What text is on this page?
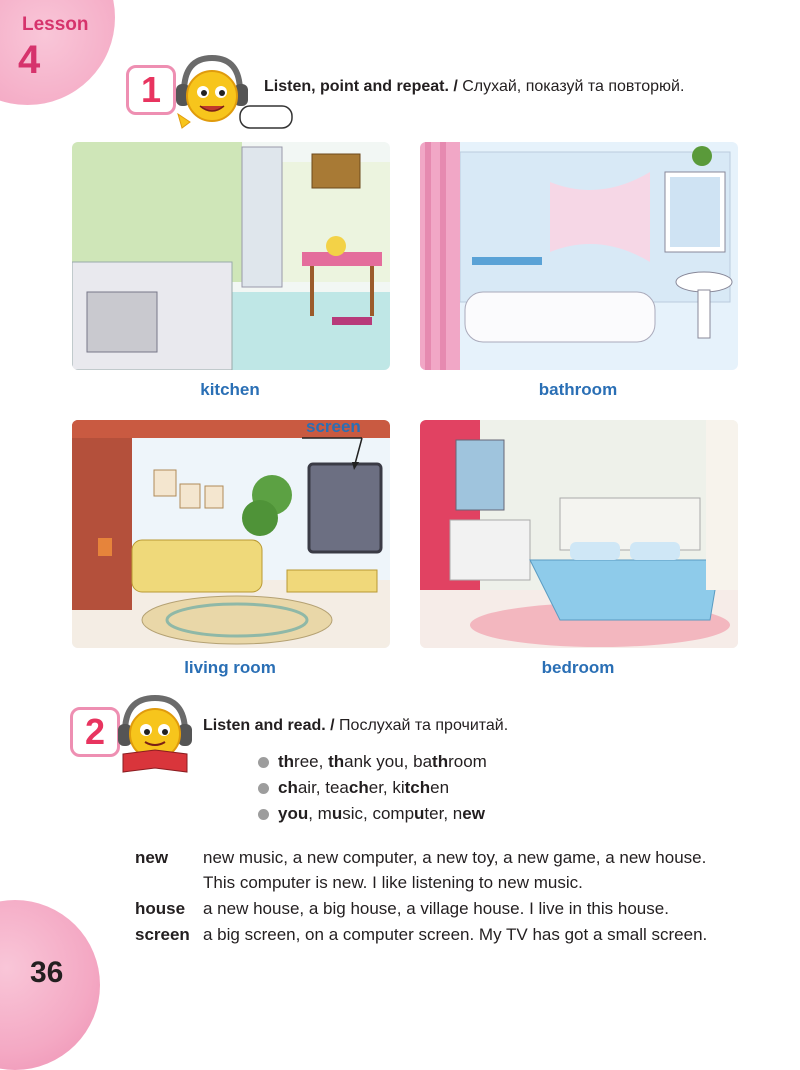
Lesson
4
1	Listen, point and repeat. / Слухай, показуй та повторюй.
kitchen	bathroom
screen
living room	bedroom
2	Listen and read. / Послухай та прочитай.
three, thank you, bathroom
chair, teacher, kitchen
you, music, computer, new
new	new music, a new computer, a new toy, a new game, a new house.
This computer is new. I like listening to new music.
house	a new house, a big house, a village house. I live in this house.
screen a big screen, on a computer screen. My TV has got a small screen.
36
